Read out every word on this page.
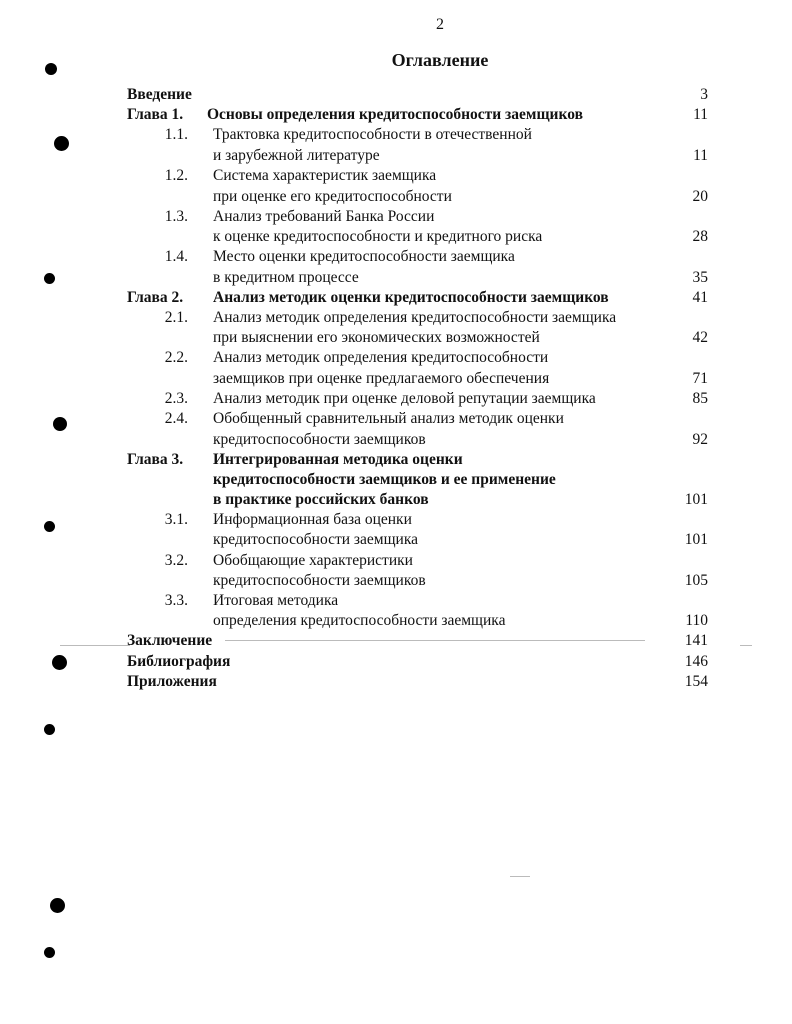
2
Оглавление
Введение	3
Глава 1. Основы определения кредитоспособности заемщиков	11
1.1. Трактовка кредитоспособности в отечественной
и зарубежной литературе	11
1.2. Система характеристик заемщика
при оценке его кредитоспособности	20
1.3. Анализ требований Банка России
к оценке кредитоспособности и кредитного риска	28
1.4. Место оценки кредитоспособности заемщика
в кредитном процессе	35
Глава 2. Анализ методик оценки кредитоспособности заемщиков	41
2.1. Анализ методик определения кредитоспособности заемщика
при выяснении его экономических возможностей	42
2.2. Анализ методик определения кредитоспособности
заемщиков при оценке предлагаемого обеспечения	71
2.3. Анализ методик при оценке деловой репутации заемщика	85
2.4. Обобщенный сравнительный анализ методик оценки
кредитоспособности заемщиков	92
Глава 3. Интегрированная методика оценки
кредитоспособности заемщиков и ее применение
в практике российских банков	101
3.1. Информационная база оценки
кредитоспособности заемщика	101
3.2. Обобщающие характеристики
кредитоспособности заемщиков	105
3.3. Итоговая методика
определения кредитоспособности заемщика	110
Заключение	141
Библиография	146
Приложения	154
